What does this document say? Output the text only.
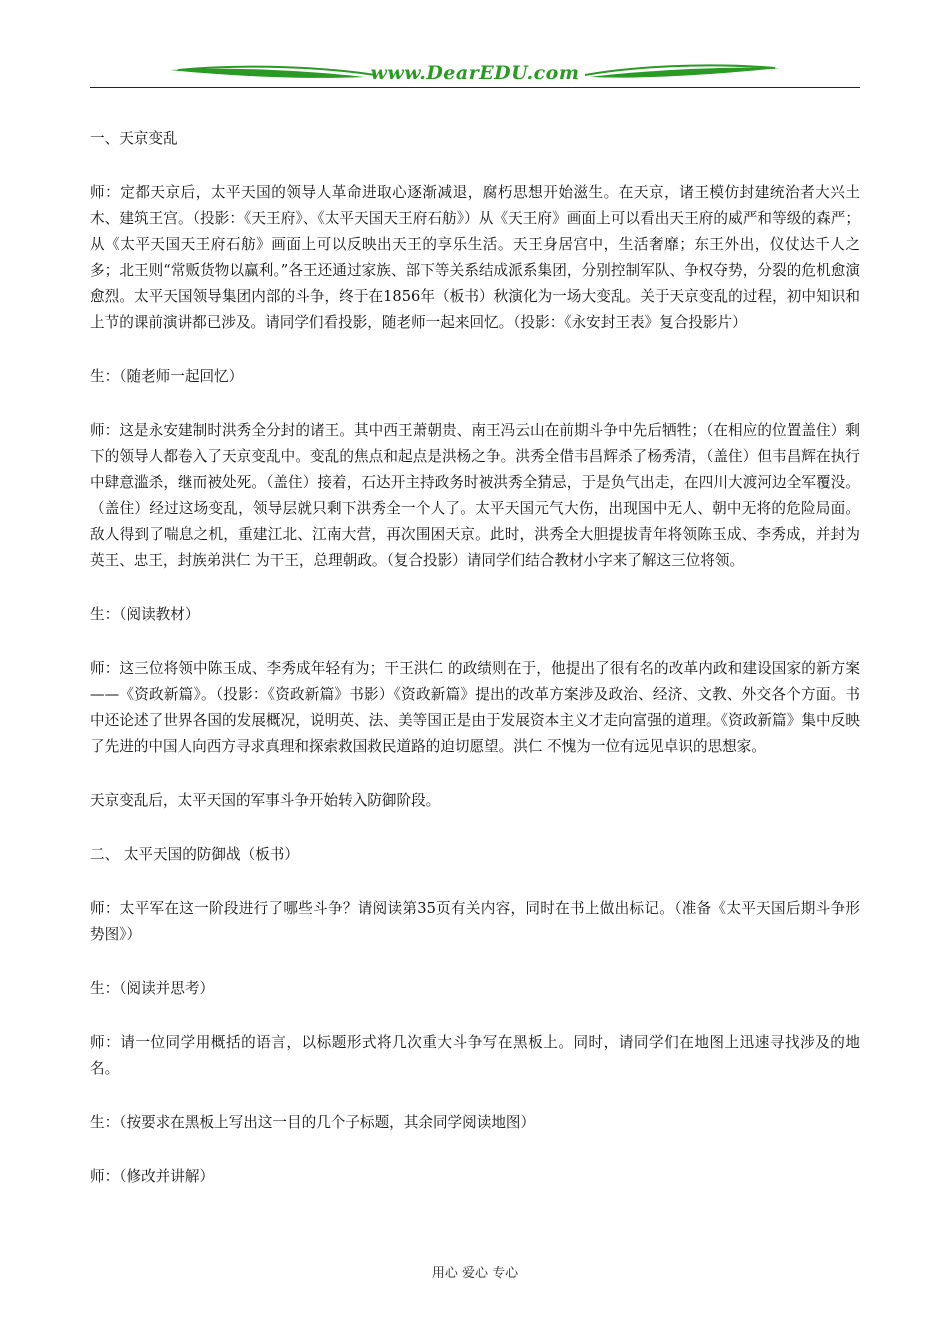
www.DearEDU.com

一、天京变乱

师：定都天京后，太平天国的领导人革命进取心逐渐减退，腐朽思想开始滋生。在天京，诸王模仿封建统治者大兴土木、建筑王宫。（投影：《天王府》、《太平天国天王府石舫》）从《天王府》画面上可以看出天王府的威严和等级的森严；从《太平天国天王府石舫》画面上可以反映出天王的享乐生活。天王身居宫中，生活奢靡；东王外出，仪仗达千人之多；北王则“常贩货物以赢利。”各王还通过家族、部下等关系结成派系集团，分别控制军队、争权夺势，分裂的危机愈演愈烈。太平天国领导集团内部的斗争，终于在1856年（板书）秋演化为一场大变乱。关于天京变乱的过程，初中知识和上节的课前演讲都已涉及。请同学们看投影，随老师一起来回忆。（投影：《永安封王表》复合投影片）

生：（随老师一起回忆）

师：这是永安建制时洪秀全分封的诸王。其中西王萧朝贵、南王冯云山在前期斗争中先后牺牲；（在相应的位置盖住）剩下的领导人都卷入了天京变乱中。变乱的焦点和起点是洪杨之争。洪秀全借韦昌辉杀了杨秀清，（盖住）但韦昌辉在执行中肆意滥杀，继而被处死。（盖住）接着，石达开主持政务时被洪秀全猜忌，于是负气出走，在四川大渡河边全军覆没。（盖住）经过这场变乱，领导层就只剩下洪秀全一个人了。太平天国元气大伤，出现国中无人、朝中无将的危险局面。敌人得到了喘息之机，重建江北、江南大营，再次围困天京。此时，洪秀全大胆提拔青年将领陈玉成、李秀成，并封为英王、忠王，封族弟洪仁 为干王，总理朝政。（复合投影）请同学们结合教材小字来了解这三位将领。

生：（阅读教材）

师：这三位将领中陈玉成、李秀成年轻有为；干王洪仁 的政绩则在于，他提出了很有名的改革内政和建设国家的新方案——《资政新篇》。（投影：《资政新篇》书影）《资政新篇》提出的改革方案涉及政治、经济、文教、外交各个方面。书中还论述了世界各国的发展概况，说明英、法、美等国正是由于发展资本主义才走向富强的道理。《资政新篇》集中反映了先进的中国人向西方寻求真理和探索救国救民道路的迫切愿望。洪仁 不愧为一位有远见卓识的思想家。

天京变乱后，太平天国的军事斗争开始转入防御阶段。

二、 太平天国的防御战（板书）

师：太平军在这一阶段进行了哪些斗争？请阅读第35页有关内容，同时在书上做出标记。（准备《太平天国后期斗争形势图》）

生：（阅读并思考）

师：请一位同学用概括的语言，以标题形式将几次重大斗争写在黑板上。同时，请同学们在地图上迅速寻找涉及的地名。

生：（按要求在黑板上写出这一目的几个子标题，其余同学阅读地图）

师：（修改并讲解）

用心 爱心 专心
